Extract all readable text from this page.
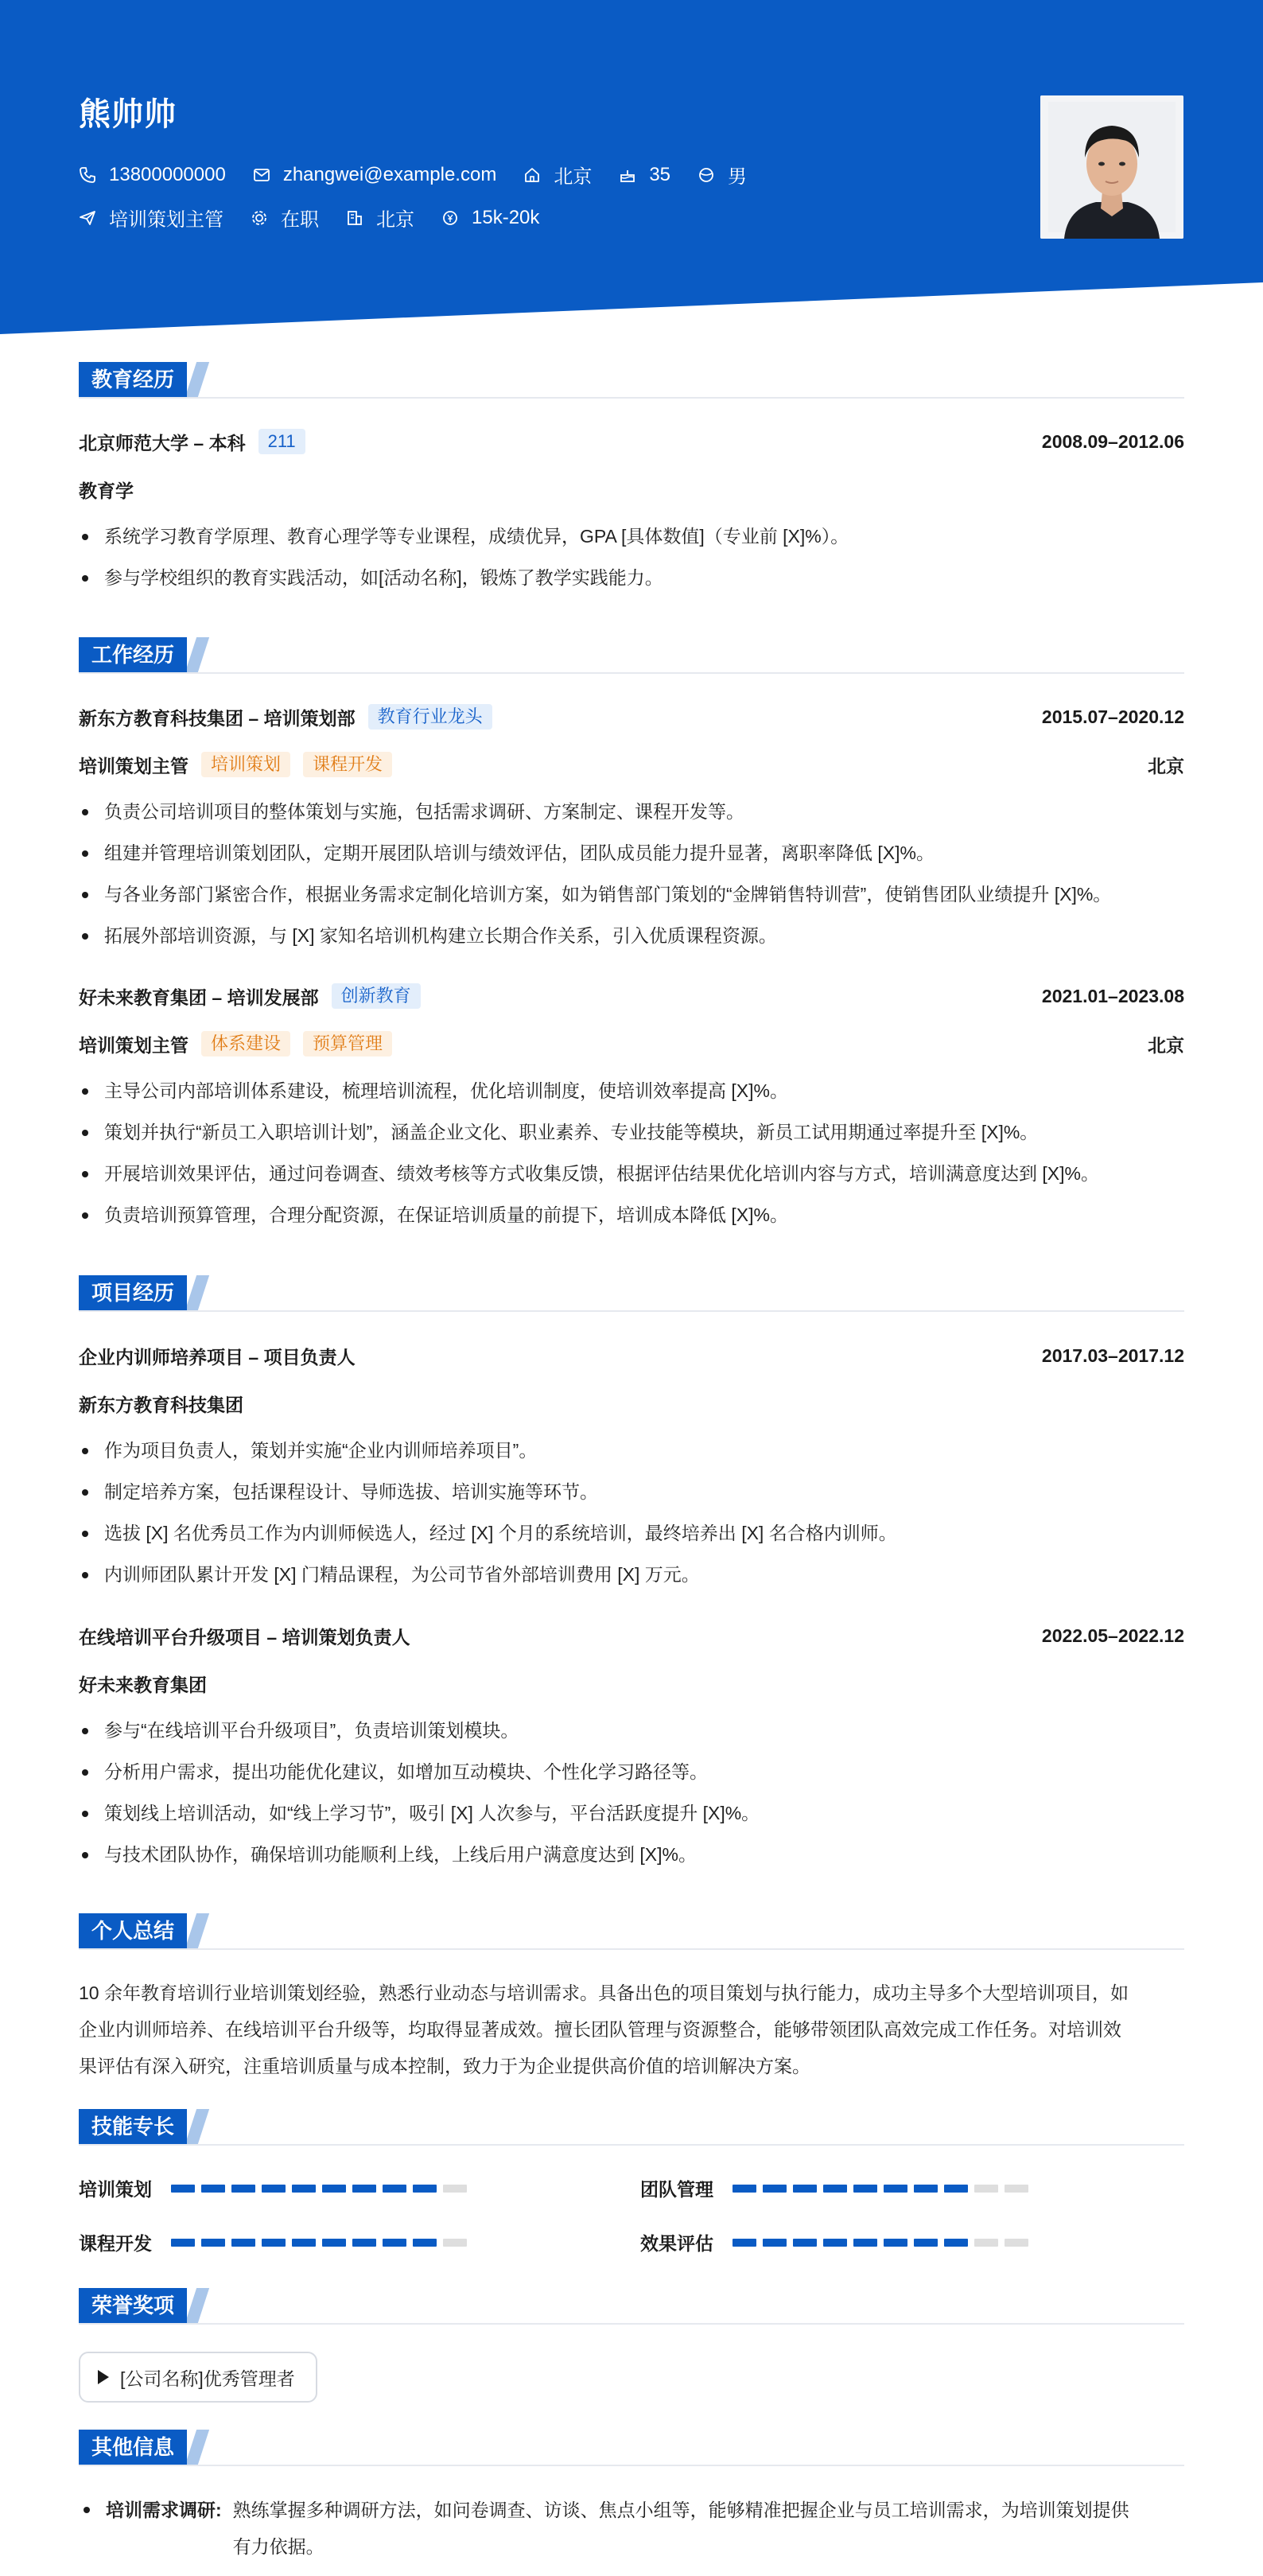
熊帅帅
13800000000	zhangwei@example.com	北京	35	男
培训策划主管	在职	北京	15k-20k
教育经历
北京师范大学 – 本科	211	2008.09–2012.06
教育学
系统学习教育学原理、教育心理学等专业课程，成绩优异，GPA [具体数值]（专业前 [X]%）。
参与学校组织的教育实践活动，如[活动名称]，锻炼了教学实践能力。
工作经历
新东方教育科技集团 – 培训策划部	教育行业龙头	2015.07–2020.12
培训策划主管	培训策划	课程开发	北京
负责公司培训项目的整体策划与实施，包括需求调研、方案制定、课程开发等。
组建并管理培训策划团队，定期开展团队培训与绩效评估，团队成员能力提升显著，离职率降低 [X]%。
与各业务部门紧密合作，根据业务需求定制化培训方案，如为销售部门策划的“金牌销售特训营”，使销售团队业绩提升 [X]%。
拓展外部培训资源，与 [X] 家知名培训机构建立长期合作关系，引入优质课程资源。
好未来教育集团 – 培训发展部	创新教育	2021.01–2023.08
培训策划主管	体系建设	预算管理	北京
主导公司内部培训体系建设，梳理培训流程，优化培训制度，使培训效率提高 [X]%。
策划并执行“新员工入职培训计划”，涵盖企业文化、职业素养、专业技能等模块，新员工试用期通过率提升至 [X]%。
开展培训效果评估，通过问卷调查、绩效考核等方式收集反馈，根据评估结果优化培训内容与方式，培训满意度达到 [X]%。
负责培训预算管理，合理分配资源，在保证培训质量的前提下，培训成本降低 [X]%。
项目经历
企业内训师培养项目 – 项目负责人	2017.03–2017.12
新东方教育科技集团
作为项目负责人，策划并实施“企业内训师培养项目”。
制定培养方案，包括课程设计、导师选拔、培训实施等环节。
选拔 [X] 名优秀员工作为内训师候选人，经过 [X] 个月的系统培训，最终培养出 [X] 名合格内训师。
内训师团队累计开发 [X] 门精品课程，为公司节省外部培训费用 [X] 万元。
在线培训平台升级项目 – 培训策划负责人	2022.05–2022.12
好未来教育集团
参与“在线培训平台升级项目”，负责培训策划模块。
分析用户需求，提出功能优化建议，如增加互动模块、个性化学习路径等。
策划线上培训活动，如“线上学习节”，吸引 [X] 人次参与，平台活跃度提升 [X]%。
与技术团队协作，确保培训功能顺利上线，上线后用户满意度达到 [X]%。
个人总结
10 余年教育培训行业培训策划经验，熟悉行业动态与培训需求。具备出色的项目策划与执行能力，成功主导多个大型培训项目，如
企业内训师培养、在线培训平台升级等，均取得显著成效。擅长团队管理与资源整合，能够带领团队高效完成工作任务。对培训效
果评估有深入研究，注重培训质量与成本控制，致力于为企业提供高价值的培训解决方案。
技能专长
培训策划	团队管理
课程开发	效果评估
荣誉奖项
[公司名称]优秀管理者
其他信息
培训需求调研: 熟练掌握多种调研方法，如问卷调查、访谈、焦点小组等，能够精准把握企业与员工培训需求，为培训策划提供
有力依据。
